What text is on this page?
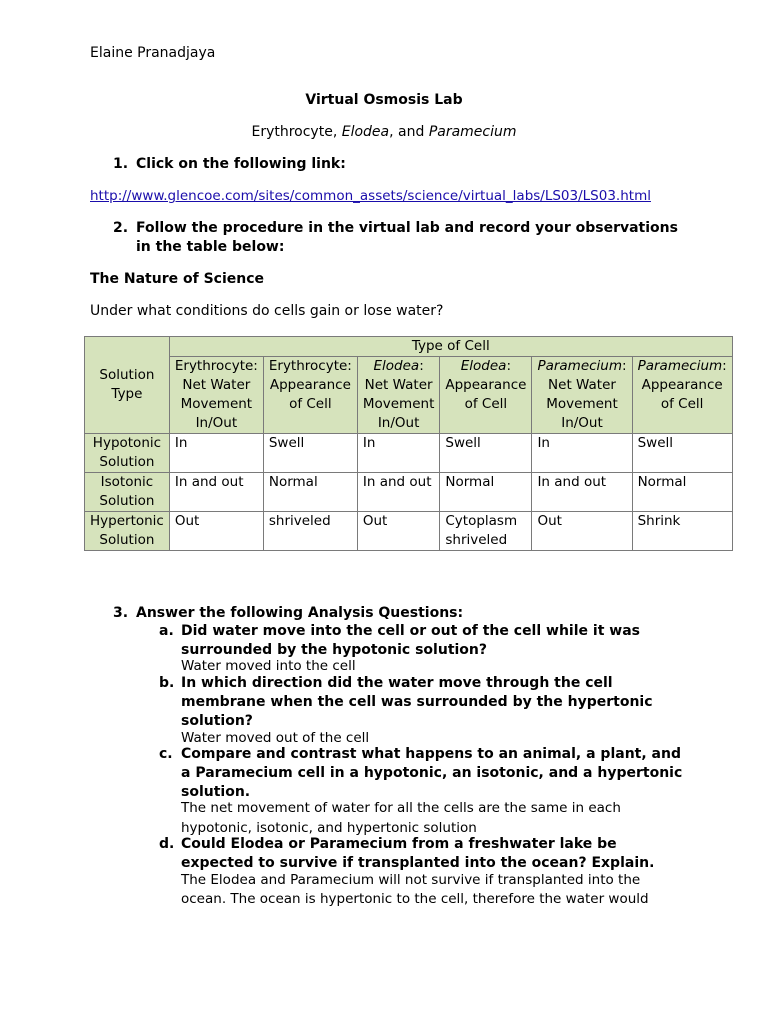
Elaine Pranadjaya
Virtual Osmosis Lab
Erythrocyte, Elodea, and Paramecium
1. Click on the following link:
http://www.glencoe.com/sites/common_assets/science/virtual_labs/LS03/LS03.html
2. Follow the procedure in the virtual lab and record your observations
in the table below:
The Nature of Science
Under what conditions do cells gain or lose water?
Solution Type	Type of Cell					
	Erythrocyte: Net Water Movement In/Out	Erythrocyte: Appearance of Cell	Elodea: Net Water Movement In/Out	Elodea: Appearance of Cell	Paramecium: Net Water Movement In/Out	Paramecium: Appearance of Cell
Hypotonic Solution	In	Swell	In	Swell	In	Swell
Isotonic Solution	In and out	Normal	In and out	Normal	In and out	Normal
Hypertonic Solution	Out	shriveled	Out	Cytoplasm shriveled	Out	Shrink
3. Answer the following Analysis Questions:
a. Did water move into the cell or out of the cell while it was
surrounded by the hypotonic solution?
Water moved into the cell
b. In which direction did the water move through the cell
membrane when the cell was surrounded by the hypertonic
solution?
Water moved out of the cell
c. Compare and contrast what happens to an animal, a plant, and
a Paramecium cell in a hypotonic, an isotonic, and a hypertonic
solution.
The net movement of water for all the cells are the same in each
hypotonic, isotonic, and hypertonic solution
d. Could Elodea or Paramecium from a freshwater lake be
expected to survive if transplanted into the ocean? Explain.
The Elodea and Paramecium will not survive if transplanted into the
ocean. The ocean is hypertonic to the cell, therefore the water would
